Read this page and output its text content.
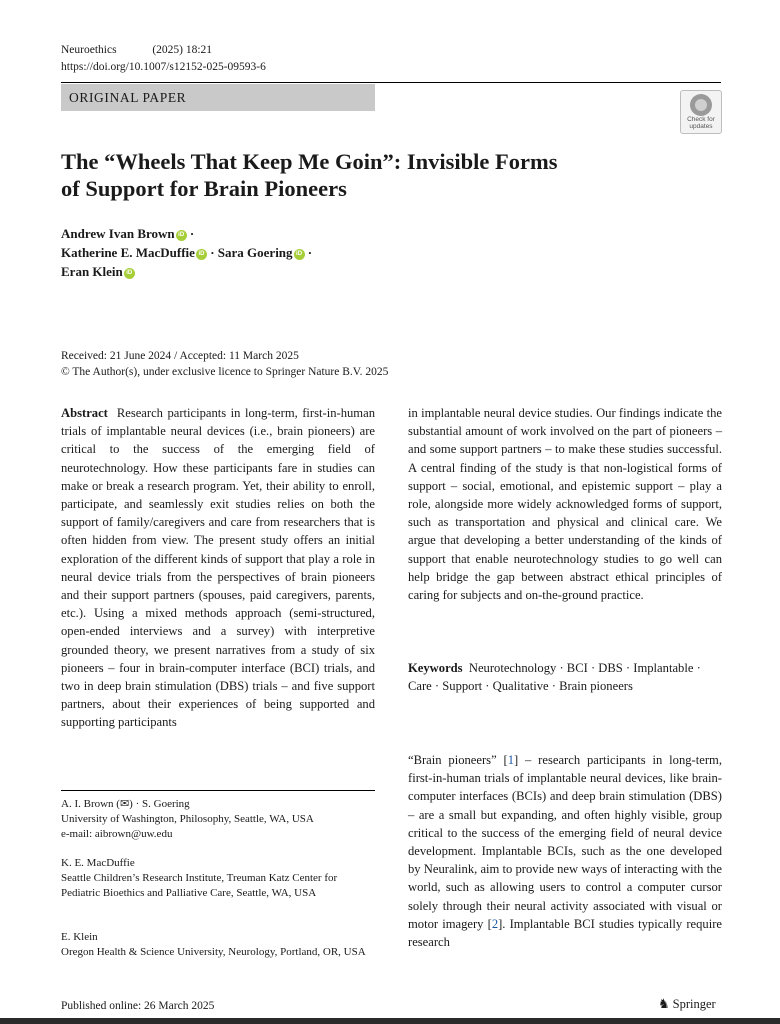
Neuroethics	(2025) 18:21
https://doi.org/10.1007/s12152-025-09593-6
ORIGINAL PAPER
Check for
updates
The “Wheels That Keep Me Goin”: Invisible Forms
of Support for Brain Pioneers
Andrew Ivan Brown iD ·
Katherine E. MacDuffie iD · Sara Goering iD ·
Eran Klein iD
Received: 21 June 2024 / Accepted: 11 March 2025
© The Author(s), under exclusive licence to Springer Nature B.V. 2025

Abstract Research participants in long-term, first-in-human trials of implantable neural devices (i.e., brain pioneers) are critical to the success of the emerging field of neurotechnology. How these participants fare in studies can make or break a research program. Yet, their ability to enroll, participate, and seamlessly exit studies relies on both the support of family/caregivers and care from researchers that is often hidden from view. The present study offers an initial exploration of the different kinds of support that play a role in neural device trials from the perspectives of brain pioneers and their support partners (spouses, paid caregivers, parents, etc.). Using a mixed methods approach (semi-structured, open-ended interviews and a survey) with interpretive grounded theory, we present narratives from a study of six pioneers – four in brain-computer interface (BCI) trials, and two in deep brain stimulation (DBS) trials – and five support partners, about their experiences of being supported and supporting participants

in implantable neural device studies. Our findings indicate the substantial amount of work involved on the part of pioneers – and some support partners – to make these studies successful. A central finding of the study is that non-logistical forms of support – social, emotional, and epistemic support – play a role, alongside more widely acknowledged forms of support, such as transportation and physical and clinical care. We argue that developing a better understanding of the kinds of support that enable neurotechnology studies to go well can help bridge the gap between abstract ethical principles of caring for subjects and on-the-ground practice.

Keywords Neurotechnology · BCI · DBS · Implantable · Care · Support · Qualitative · Brain pioneers

“Brain pioneers” [1] – research participants in long-term, first-in-human trials of implantable neural devices, like brain-computer interfaces (BCIs) and deep brain stimulation (DBS) – are a small but expanding, and often highly visible, group critical to the success of the emerging field of neural device development. Implantable BCIs, such as the one developed by Neuralink, aim to provide new ways of interacting with the world, such as allowing users to control a computer cursor solely through their neural activity associated with visual or motor imagery [2]. Implantable BCI studies typically require research

A. I. Brown (✉) · S. Goering
University of Washington, Philosophy, Seattle, WA, USA
e-mail: aibrown@uw.edu
K. E. MacDuffie
Seattle Children’s Research Institute, Treuman Katz Center for Pediatric Bioethics and Palliative Care, Seattle, WA, USA
E. Klein
Oregon Health & Science University, Neurology, Portland, OR, USA
Published online: 26 March 2025	♞ Springer
